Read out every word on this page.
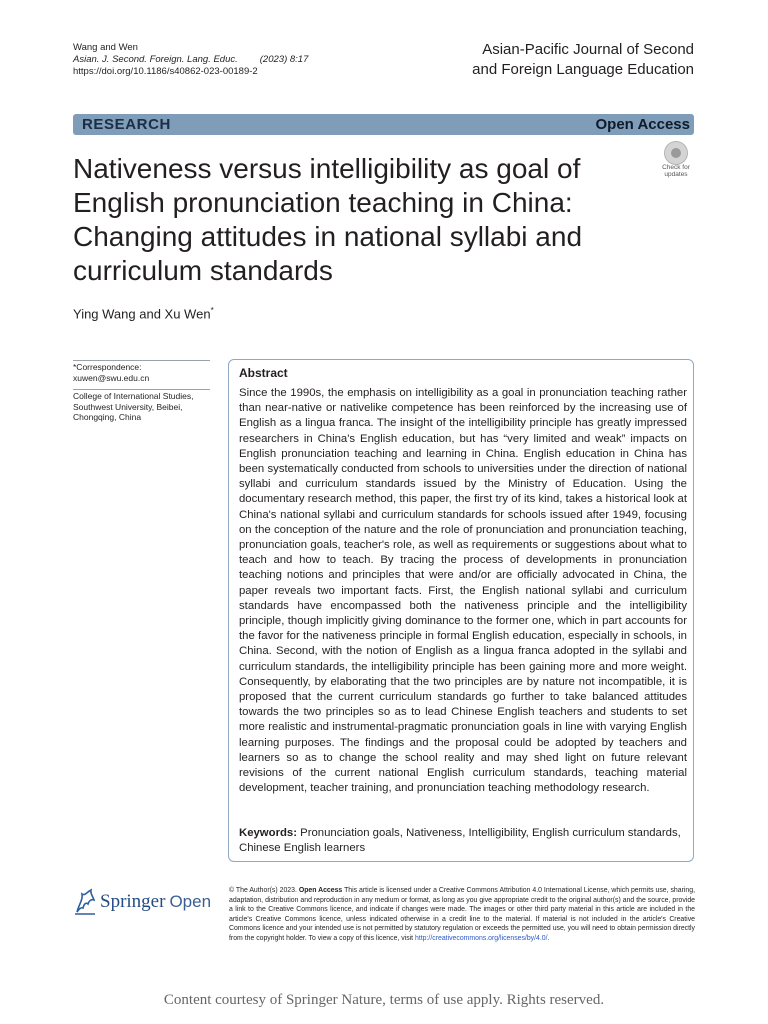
Wang and Wen
Asian. J. Second. Foreign. Lang. Educ. (2023) 8:17
https://doi.org/10.1186/s40862-023-00189-2
Asian-Pacific Journal of Second
and Foreign Language Education
RESEARCH	Open Access
Nativeness versus intelligibility as goal of English pronunciation teaching in China: Changing attitudes in national syllabi and curriculum standards
Check for
updates
Ying Wang and Xu Wen*
*Correspondence:
xuwen@swu.edu.cn
College of International Studies,
Southwest University, Beibei,
Chongqing, China
Abstract
Since the 1990s, the emphasis on intelligibility as a goal in pronunciation teaching rather than near-native or nativelike competence has been reinforced by the increasing use of English as a lingua franca. The insight of the intelligibility principle has greatly impressed researchers in China's English education, but has “very limited and weak” impacts on English pronunciation teaching and learning in China. English education in China has been systematically conducted from schools to universities under the direction of national syllabi and curriculum standards issued by the Ministry of Education. Using the documentary research method, this paper, the first try of its kind, takes a historical look at China's national syllabi and curriculum standards for schools issued after 1949, focusing on the conception of the nature and the role of pronunciation and pronunciation teaching, pronunciation goals, teacher's role, as well as requirements or suggestions about what to teach and how to teach. By tracing the process of developments in pronunciation teaching notions and principles that were and/or are officially advocated in China, the paper reveals two important facts. First, the English national syllabi and curriculum standards have encompassed both the nativeness principle and the intelligibility principle, though implicitly giving dominance to the former one, which in part accounts for the favor for the nativeness principle in formal English education, especially in schools, in China. Second, with the notion of English as a lingua franca adopted in the syllabi and curriculum standards, the intelligibility principle has been gaining more and more weight. Consequently, by elaborating that the two principles are by nature not incompatible, it is proposed that the current curriculum standards go further to take balanced attitudes towards the two principles so as to lead Chinese English teachers and students to set more realistic and instrumental-pragmatic pronunciation goals in line with varying English learning purposes. The findings and the proposal could be adopted by teachers and learners so as to change the school reality and may shed light on future relevant revisions of the current national English curriculum standards, teaching material development, teacher training, and pronunciation teaching methodology research.
Keywords: Pronunciation goals, Nativeness, Intelligibility, English curriculum standards, Chinese English learners
Springer Open
© The Author(s) 2023. Open Access This article is licensed under a Creative Commons Attribution 4.0 International License, which permits use, sharing, adaptation, distribution and reproduction in any medium or format, as long as you give appropriate credit to the original author(s) and the source, provide a link to the Creative Commons licence, and indicate if changes were made. The images or other third party material in this article are included in the article's Creative Commons licence, unless indicated otherwise in a credit line to the material. If material is not included in the article's Creative Commons licence and your intended use is not permitted by statutory regulation or exceeds the permitted use, you will need to obtain permission directly from the copyright holder. To view a copy of this licence, visit http://creativecommons.org/licenses/by/4.0/.
Content courtesy of Springer Nature, terms of use apply. Rights reserved.
